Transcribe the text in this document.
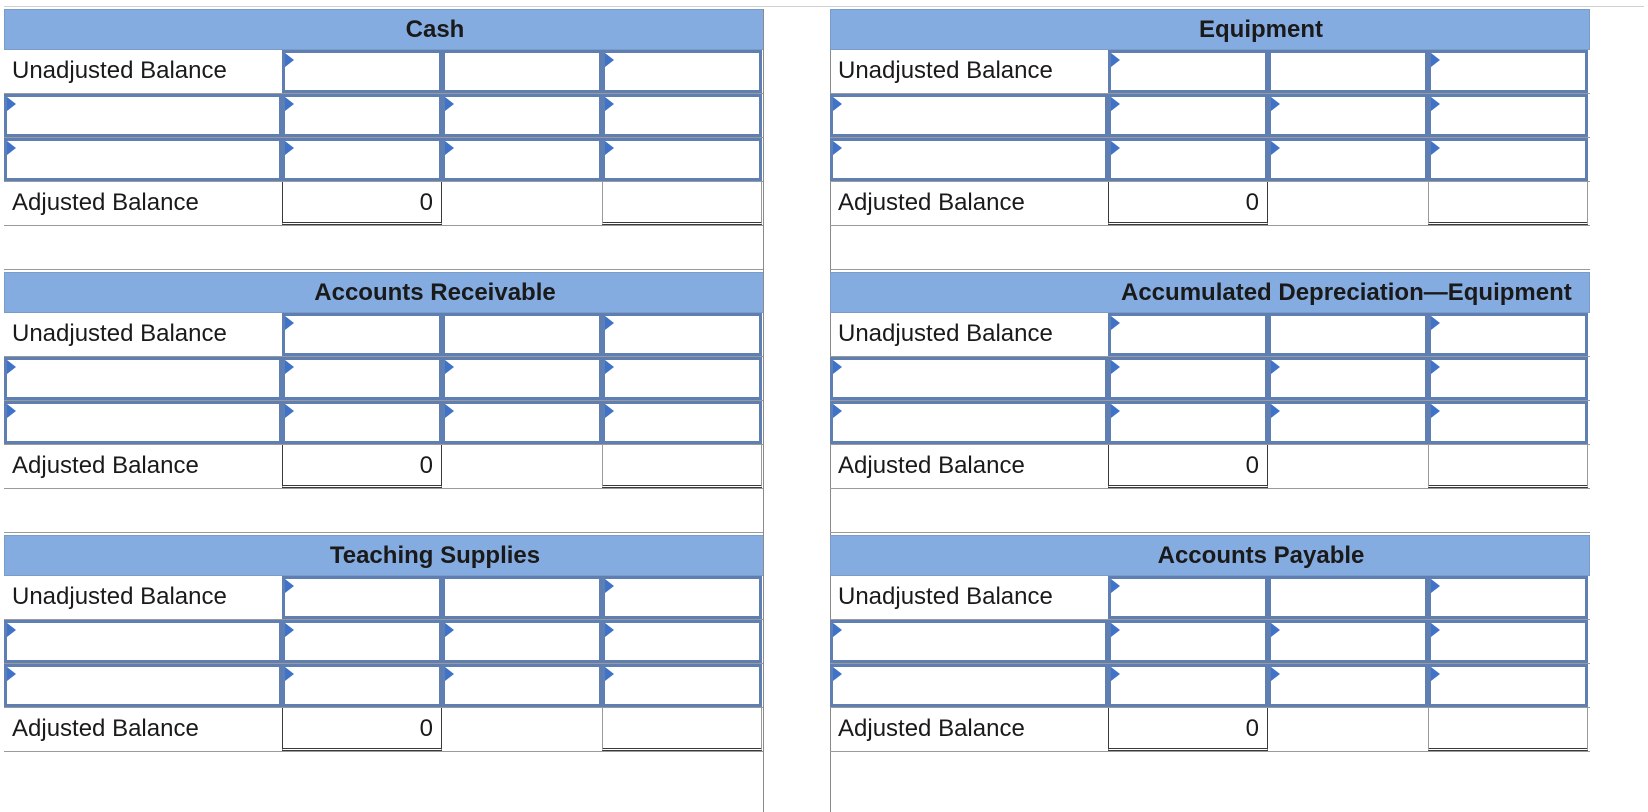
Cash
Unadjusted Balance
Adjusted Balance	0
Accounts Receivable
Unadjusted Balance
Adjusted Balance	0
Teaching Supplies
Unadjusted Balance
Adjusted Balance	0
Equipment
Unadjusted Balance
Adjusted Balance	0
Accumulated Depreciation—Equipment
Unadjusted Balance
Adjusted Balance	0
Accounts Payable
Unadjusted Balance
Adjusted Balance	0
